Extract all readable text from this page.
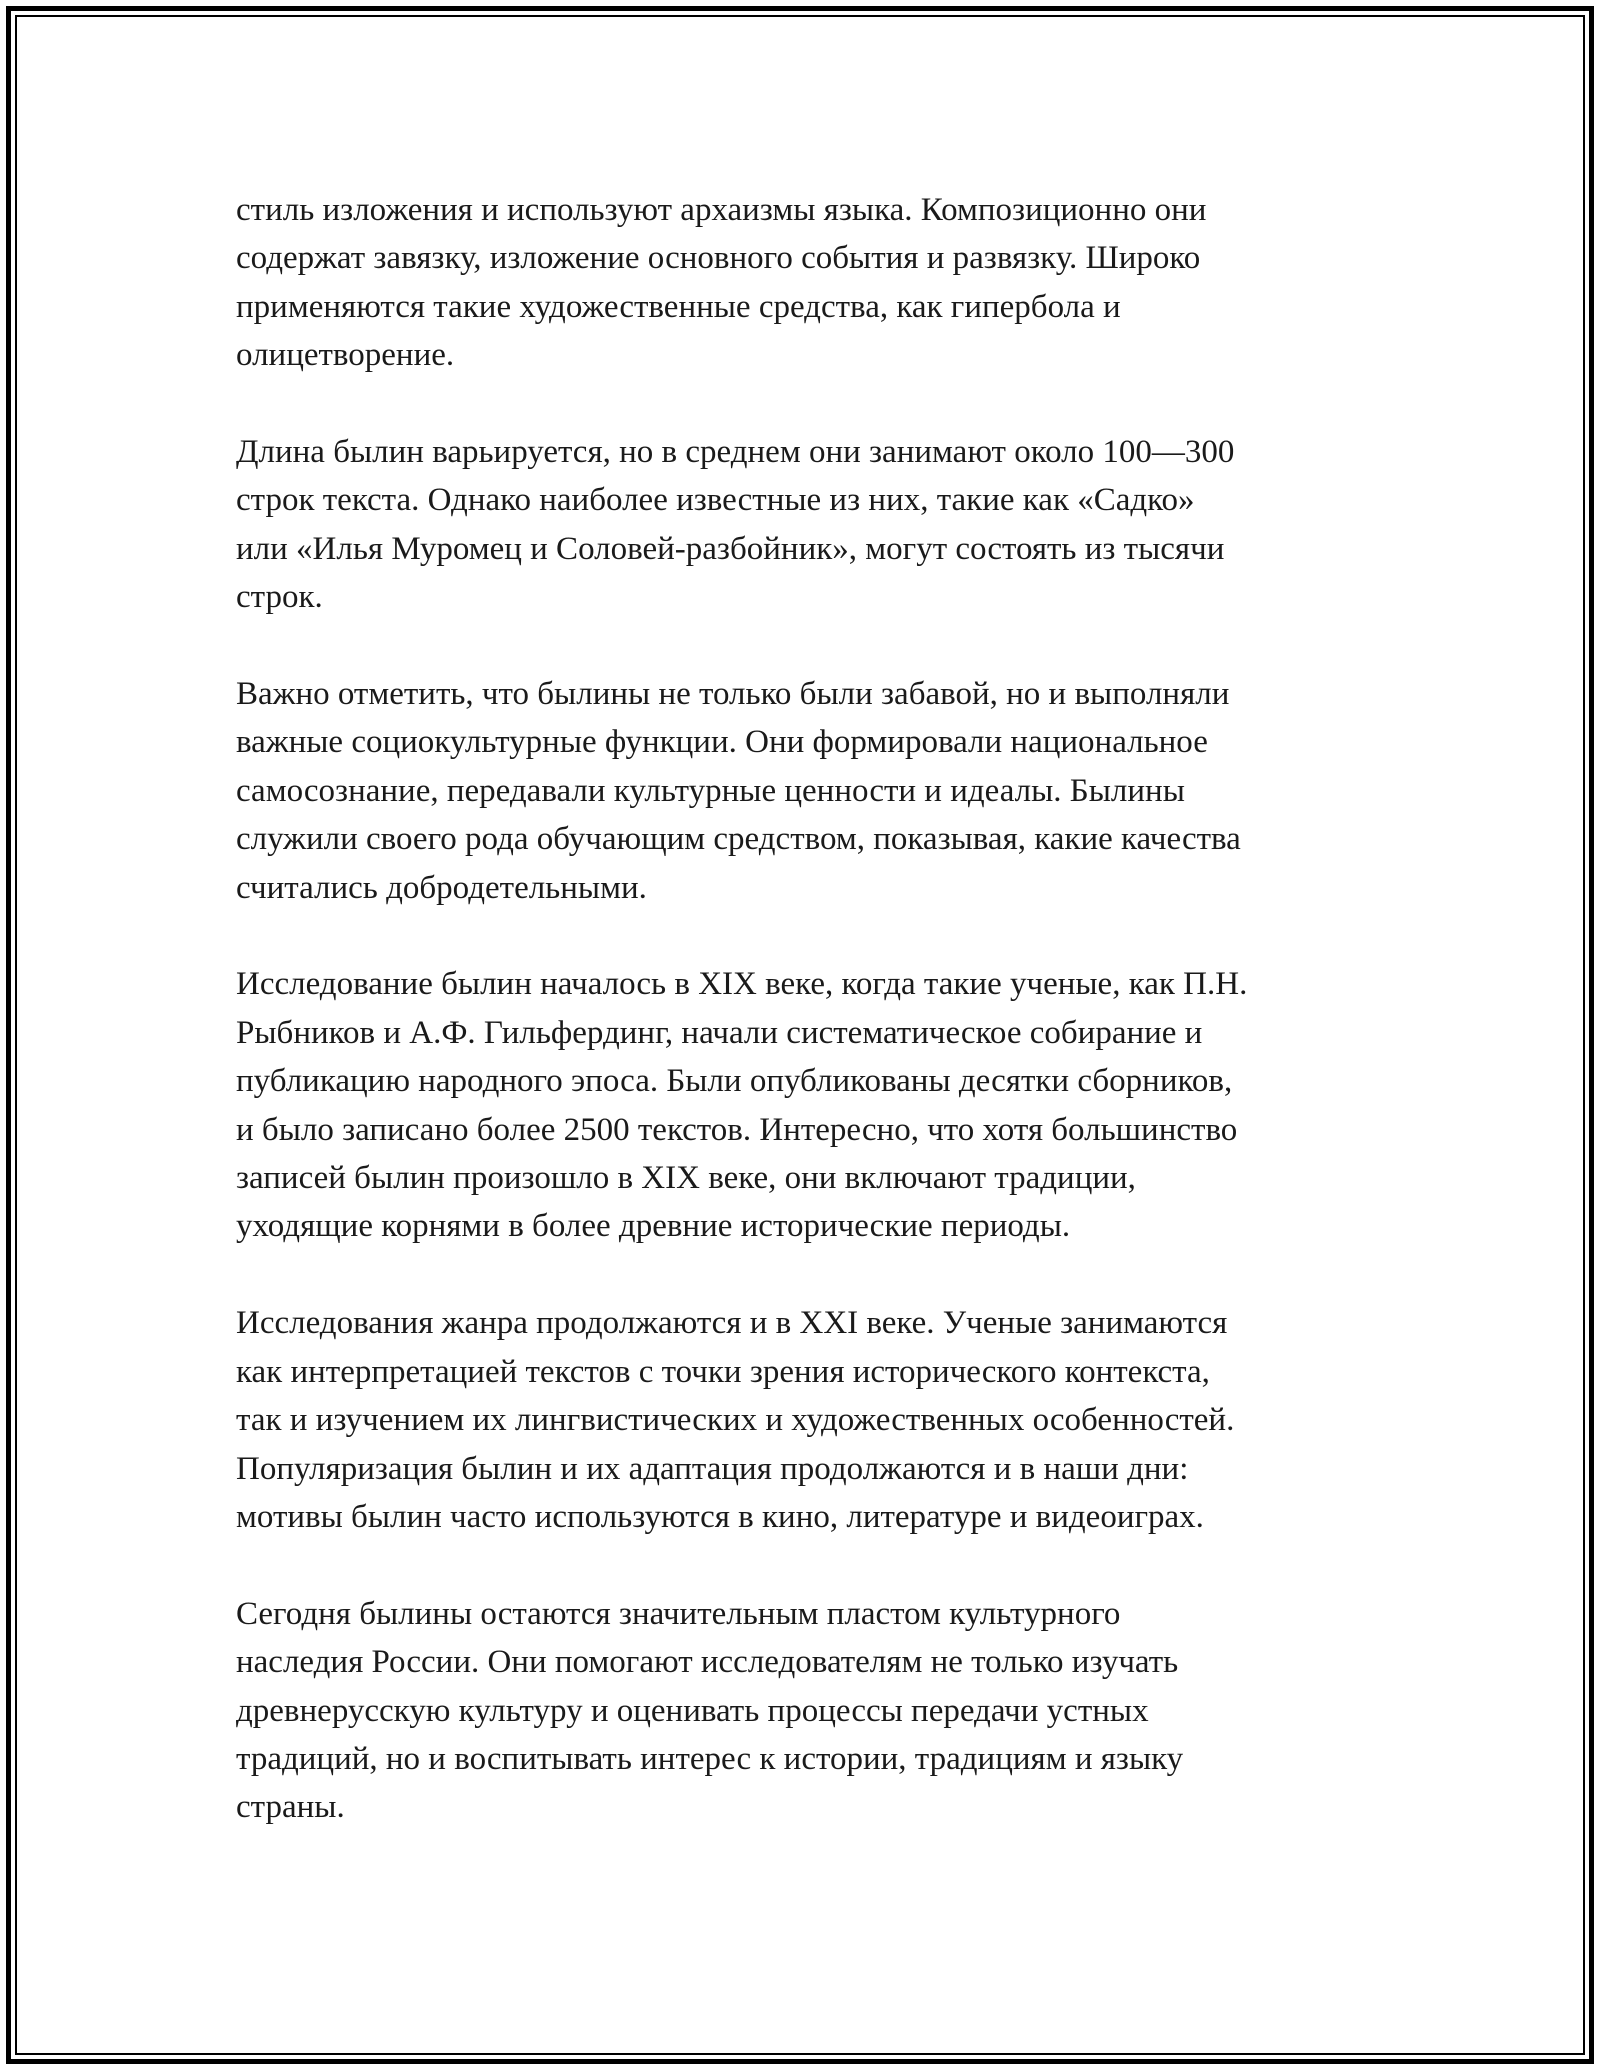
стиль изложения и используют архаизмы языка. Композиционно они
содержат завязку, изложение основного события и развязку. Широко
применяются такие художественные средства, как гипербола и
олицетворение.

Длина былин варьируется, но в среднем они занимают около 100—300
строк текста. Однако наиболее известные из них, такие как «Садко»
или «Илья Муромец и Соловей-разбойник», могут состоять из тысячи
строк.

Важно отметить, что былины не только были забавой, но и выполняли
важные социокультурные функции. Они формировали национальное
самосознание, передавали культурные ценности и идеалы. Былины
служили своего рода обучающим средством, показывая, какие качества
считались добродетельными.

Исследование былин началось в XIX веке, когда такие ученые, как П.Н.
Рыбников и А.Ф. Гильфердинг, начали систематическое собирание и
публикацию народного эпоса. Были опубликованы десятки сборников,
и было записано более 2500 текстов. Интересно, что хотя большинство
записей былин произошло в XIX веке, они включают традиции,
уходящие корнями в более древние исторические периоды.

Исследования жанра продолжаются и в XXI веке. Ученые занимаются
как интерпретацией текстов с точки зрения исторического контекста,
так и изучением их лингвистических и художественных особенностей.
Популяризация былин и их адаптация продолжаются и в наши дни:
мотивы былин часто используются в кино, литературе и видеоиграх.

Сегодня былины остаются значительным пластом культурного
наследия России. Они помогают исследователям не только изучать
древнерусскую культуру и оценивать процессы передачи устных
традиций, но и воспитывать интерес к истории, традициям и языку
страны.
